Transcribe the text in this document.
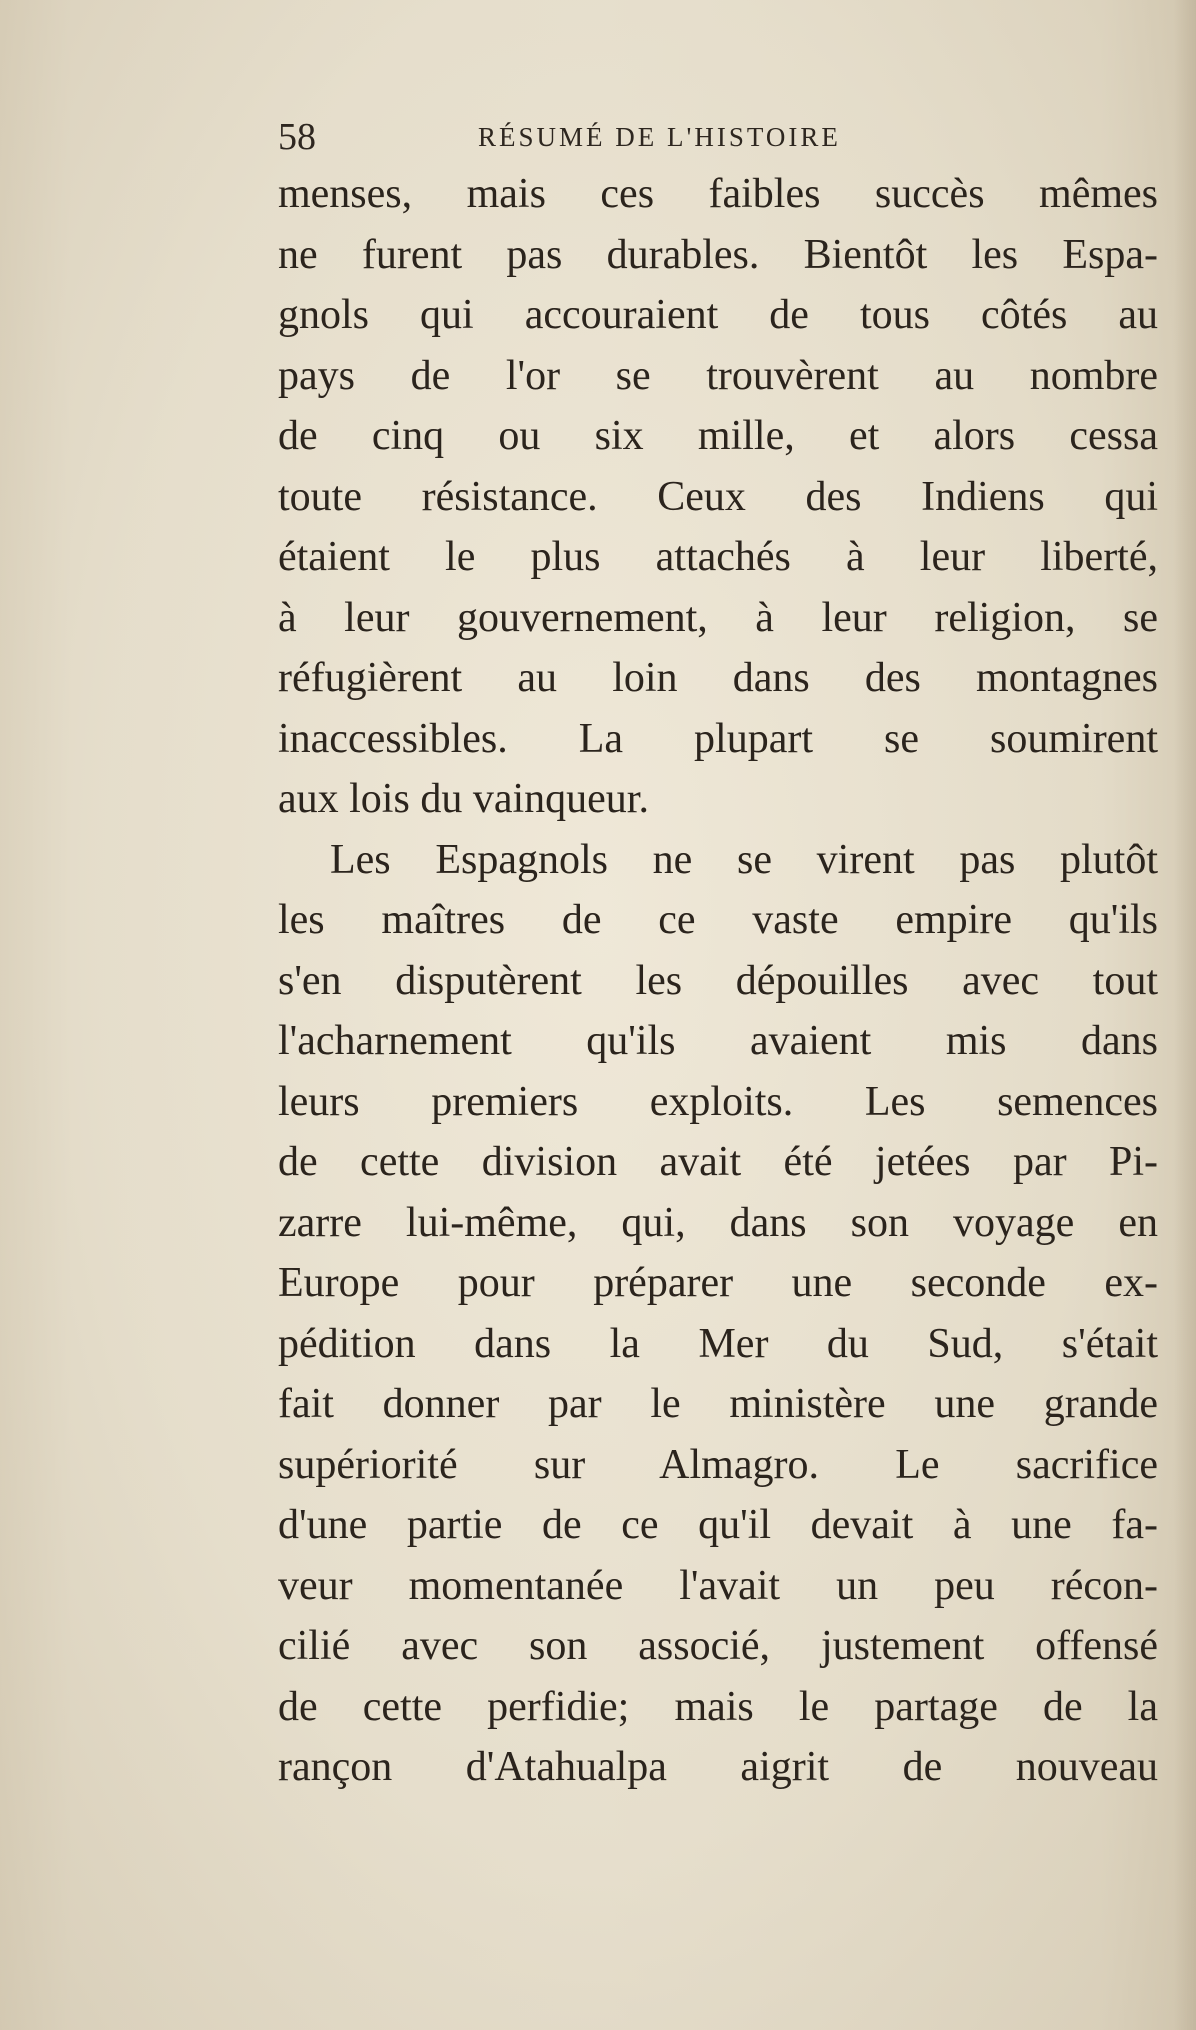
58	RÉSUMÉ DE L'HISTOIRE
menses, mais ces faibles succès mêmes
ne furent pas durables. Bientôt les Espa-
gnols qui accouraient de tous côtés au
pays de l'or se trouvèrent au nombre
de cinq ou six mille, et alors cessa
toute résistance. Ceux des Indiens qui
étaient le plus attachés à leur liberté,
à leur gouvernement, à leur religion, se
réfugièrent au loin dans des montagnes
inaccessibles. La plupart se soumirent
aux lois du vainqueur.
Les Espagnols ne se virent pas plutôt
les maîtres de ce vaste empire qu'ils
s'en disputèrent les dépouilles avec tout
l'acharnement qu'ils avaient mis dans
leurs premiers exploits. Les semences
de cette division avait été jetées par Pi-
zarre lui-même, qui, dans son voyage en
Europe pour préparer une seconde ex-
pédition dans la Mer du Sud, s'était
fait donner par le ministère une grande
supériorité sur Almagro. Le sacrifice
d'une partie de ce qu'il devait à une fa-
veur momentanée l'avait un peu récon-
cilié avec son associé, justement offensé
de cette perfidie; mais le partage de la
rançon d'Atahualpa aigrit de nouveau
